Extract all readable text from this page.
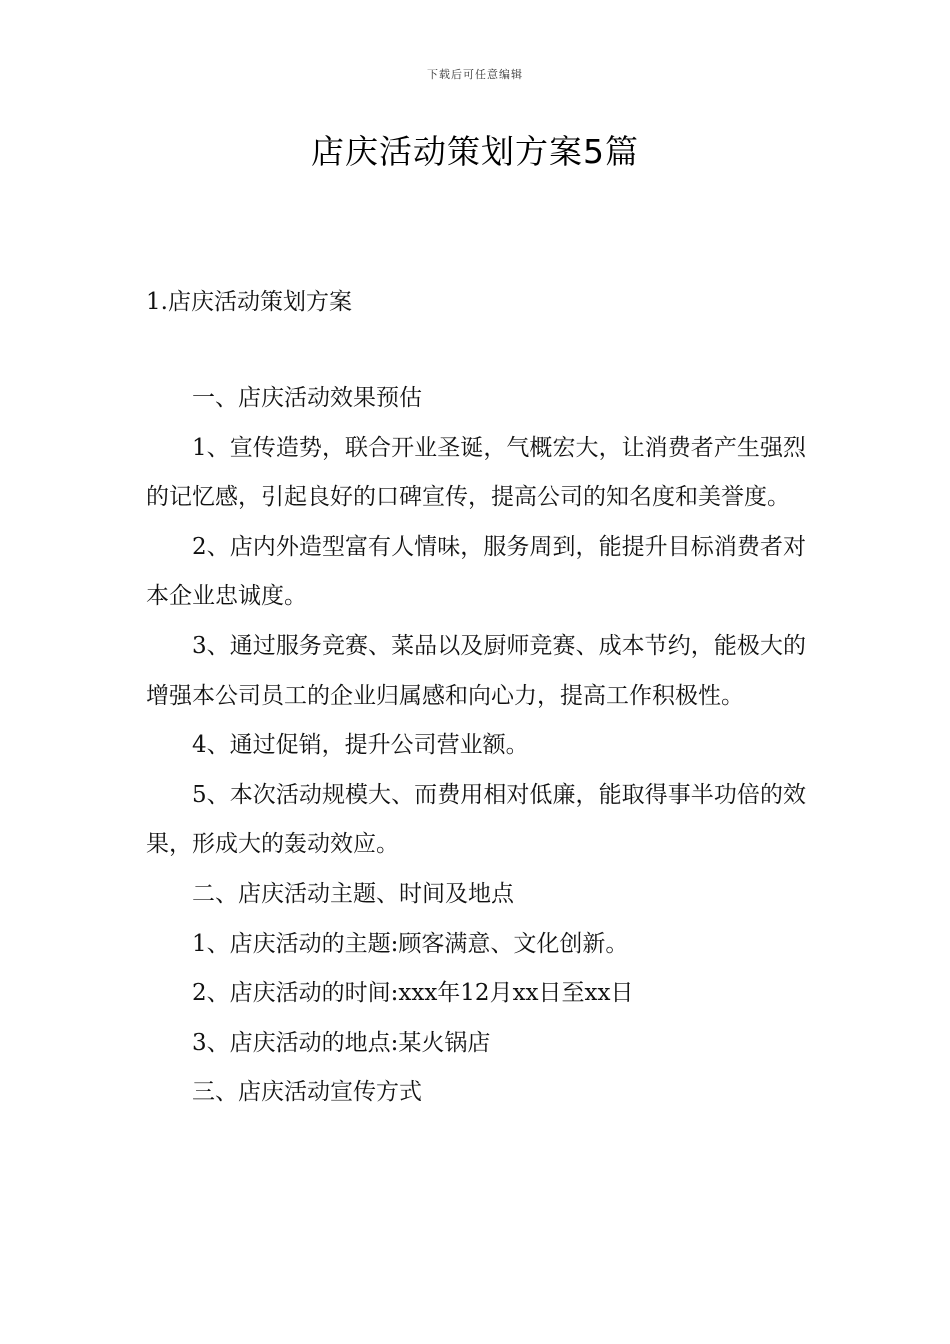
下载后可任意编辑
店庆活动策划方案5篇
1.店庆活动策划方案

一、店庆活动效果预估

1、宣传造势，联合开业圣诞，气概宏大，让消费者产生强烈的记忆感，引起良好的口碑宣传，提高公司的知名度和美誉度。

2、店内外造型富有人情味，服务周到，能提升目标消费者对本企业忠诚度。

3、通过服务竞赛、菜品以及厨师竞赛、成本节约，能极大的增强本公司员工的企业归属感和向心力，提高工作积极性。

4、通过促销，提升公司营业额。

5、本次活动规模大、而费用相对低廉，能取得事半功倍的效果，形成大的轰动效应。

二、店庆活动主题、时间及地点

1、店庆活动的主题:顾客满意、文化创新。

2、店庆活动的时间:xxx年12月xx日至xx日

3、店庆活动的地点:某火锅店

三、店庆活动宣传方式
